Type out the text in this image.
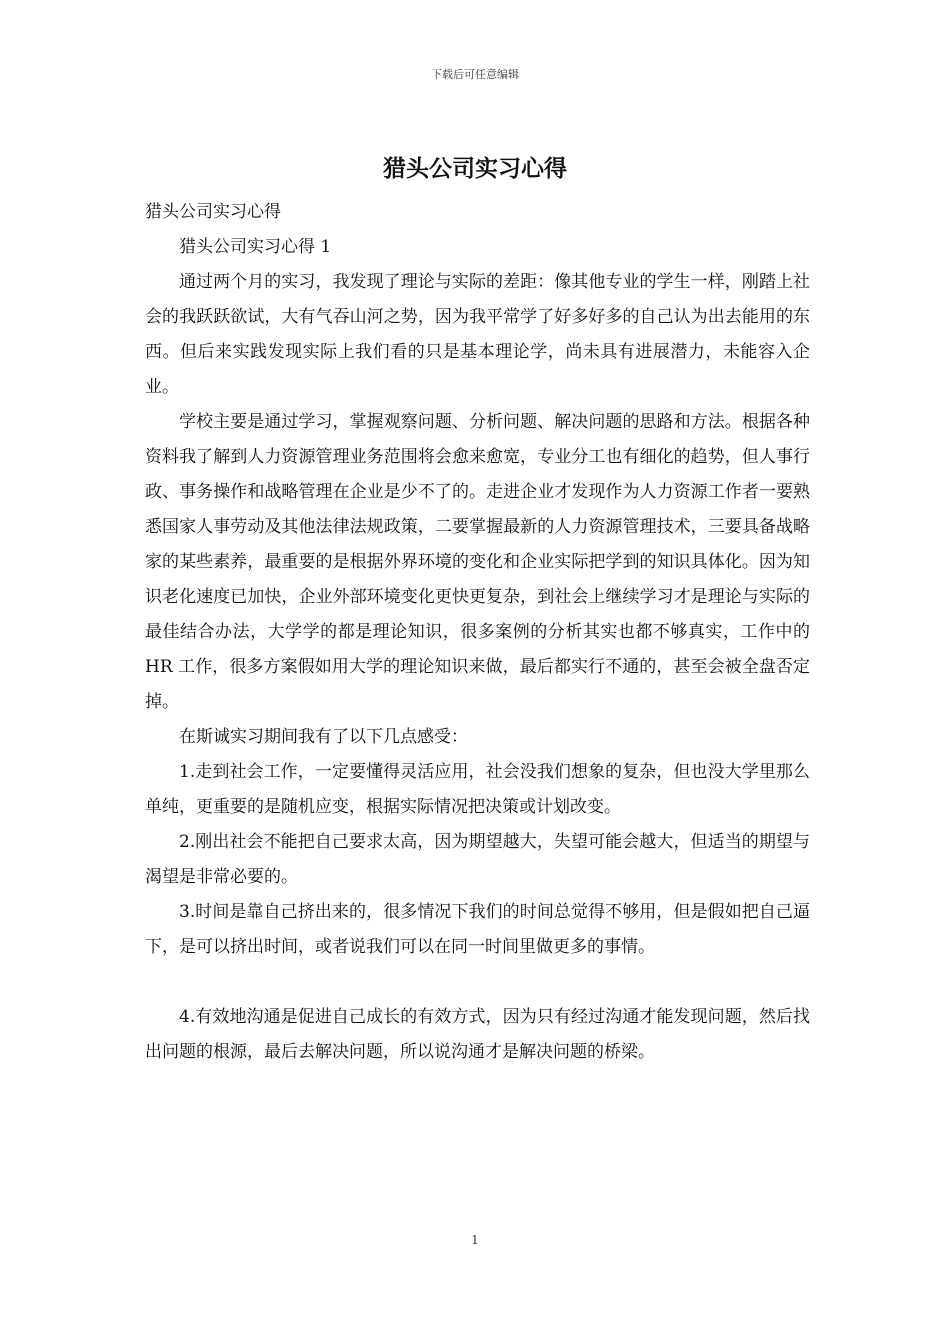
下载后可任意编辑
猎头公司实习心得

猎头公司实习心得

猎头公司实习心得 1

通过两个月的实习，我发现了理论与实际的差距：像其他专业的学生一样，刚踏上社会的我跃跃欲试，大有气吞山河之势，因为我平常学了好多好多的自己认为出去能用的东西。但后来实践发现实际上我们看的只是基本理论学，尚未具有进展潜力，未能容入企业。

学校主要是通过学习，掌握观察问题、分析问题、解决问题的思路和方法。根据各种资料我了解到人力资源管理业务范围将会愈来愈宽，专业分工也有细化的趋势，但人事行政、事务操作和战略管理在企业是少不了的。走进企业才发现作为人力资源工作者一要熟悉国家人事劳动及其他法律法规政策，二要掌握最新的人力资源管理技术，三要具备战略家的某些素养，最重要的是根据外界环境的变化和企业实际把学到的知识具体化。因为知识老化速度已加快，企业外部环境变化更快更复杂，到社会上继续学习才是理论与实际的最佳结合办法，大学学的都是理论知识，很多案例的分析其实也都不够真实，工作中的 HR 工作，很多方案假如用大学的理论知识来做，最后都实行不通的，甚至会被全盘否定掉。

在斯诚实习期间我有了以下几点感受：

1.走到社会工作，一定要懂得灵活应用，社会没我们想象的复杂，但也没大学里那么单纯，更重要的是随机应变，根据实际情况把决策或计划改变。

2.刚出社会不能把自己要求太高，因为期望越大，失望可能会越大，但适当的期望与渴望是非常必要的。

3.时间是靠自己挤出来的，很多情况下我们的时间总觉得不够用，但是假如把自己逼下，是可以挤出时间，或者说我们可以在同一时间里做更多的事情。

4.有效地沟通是促进自己成长的有效方式，因为只有经过沟通才能发现问题，然后找出问题的根源，最后去解决问题，所以说沟通才是解决问题的桥梁。

1
